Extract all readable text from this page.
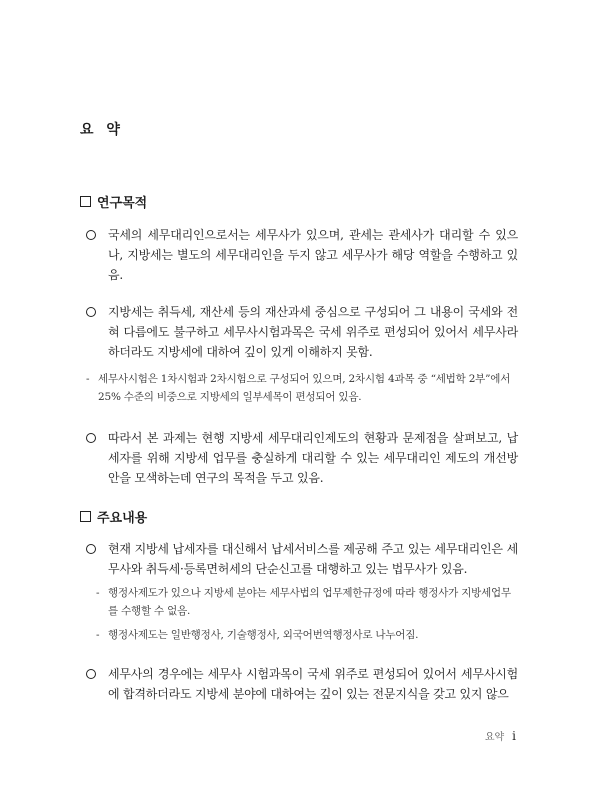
요 약
연구목적
국세의 세무대리인으로서는 세무사가 있으며, 관세는 관세사가 대리할 수 있으나, 지방세는 별도의 세무대리인을 두지 않고 세무사가 해당 역할을 수행하고 있음.
지방세는 취득세, 재산세 등의 재산과세 중심으로 구성되어 그 내용이 국세와 전혀 다름에도 불구하고 세무사시험과목은 국세 위주로 편성되어 있어서 세무사라 하더라도 지방세에 대하여 깊이 있게 이해하지 못함.
- 세무사시험은 1차시험과 2차시험으로 구성되어 있으며, 2차시험 4과목 중 “세법학 2부”에서 25% 수준의 비중으로 지방세의 일부세목이 편성되어 있음.
따라서 본 과제는 현행 지방세 세무대리인제도의 현황과 문제점을 살펴보고, 납세자를 위해 지방세 업무를 충실하게 대리할 수 있는 세무대리인 제도의 개선방안을 모색하는데 연구의 목적을 두고 있음.
주요내용
현재 지방세 납세자를 대신해서 납세서비스를 제공해 주고 있는 세무대리인은 세무사와 취득세·등록면허세의 단순신고를 대행하고 있는 법무사가 있음.
- 행정사제도가 있으나 지방세 분야는 세무사법의 업무제한규정에 따라 행정사가 지방세업무를 수행할 수 없음.
- 행정사제도는 일반행정사, 기술행정사, 외국어번역행정사로 나누어짐.
세무사의 경우에는 세무사 시험과목이 국세 위주로 편성되어 있어서 세무사시험에 합격하더라도 지방세 분야에 대하여는 깊이 있는 전문지식을 갖고 있지 않으
요약 i
